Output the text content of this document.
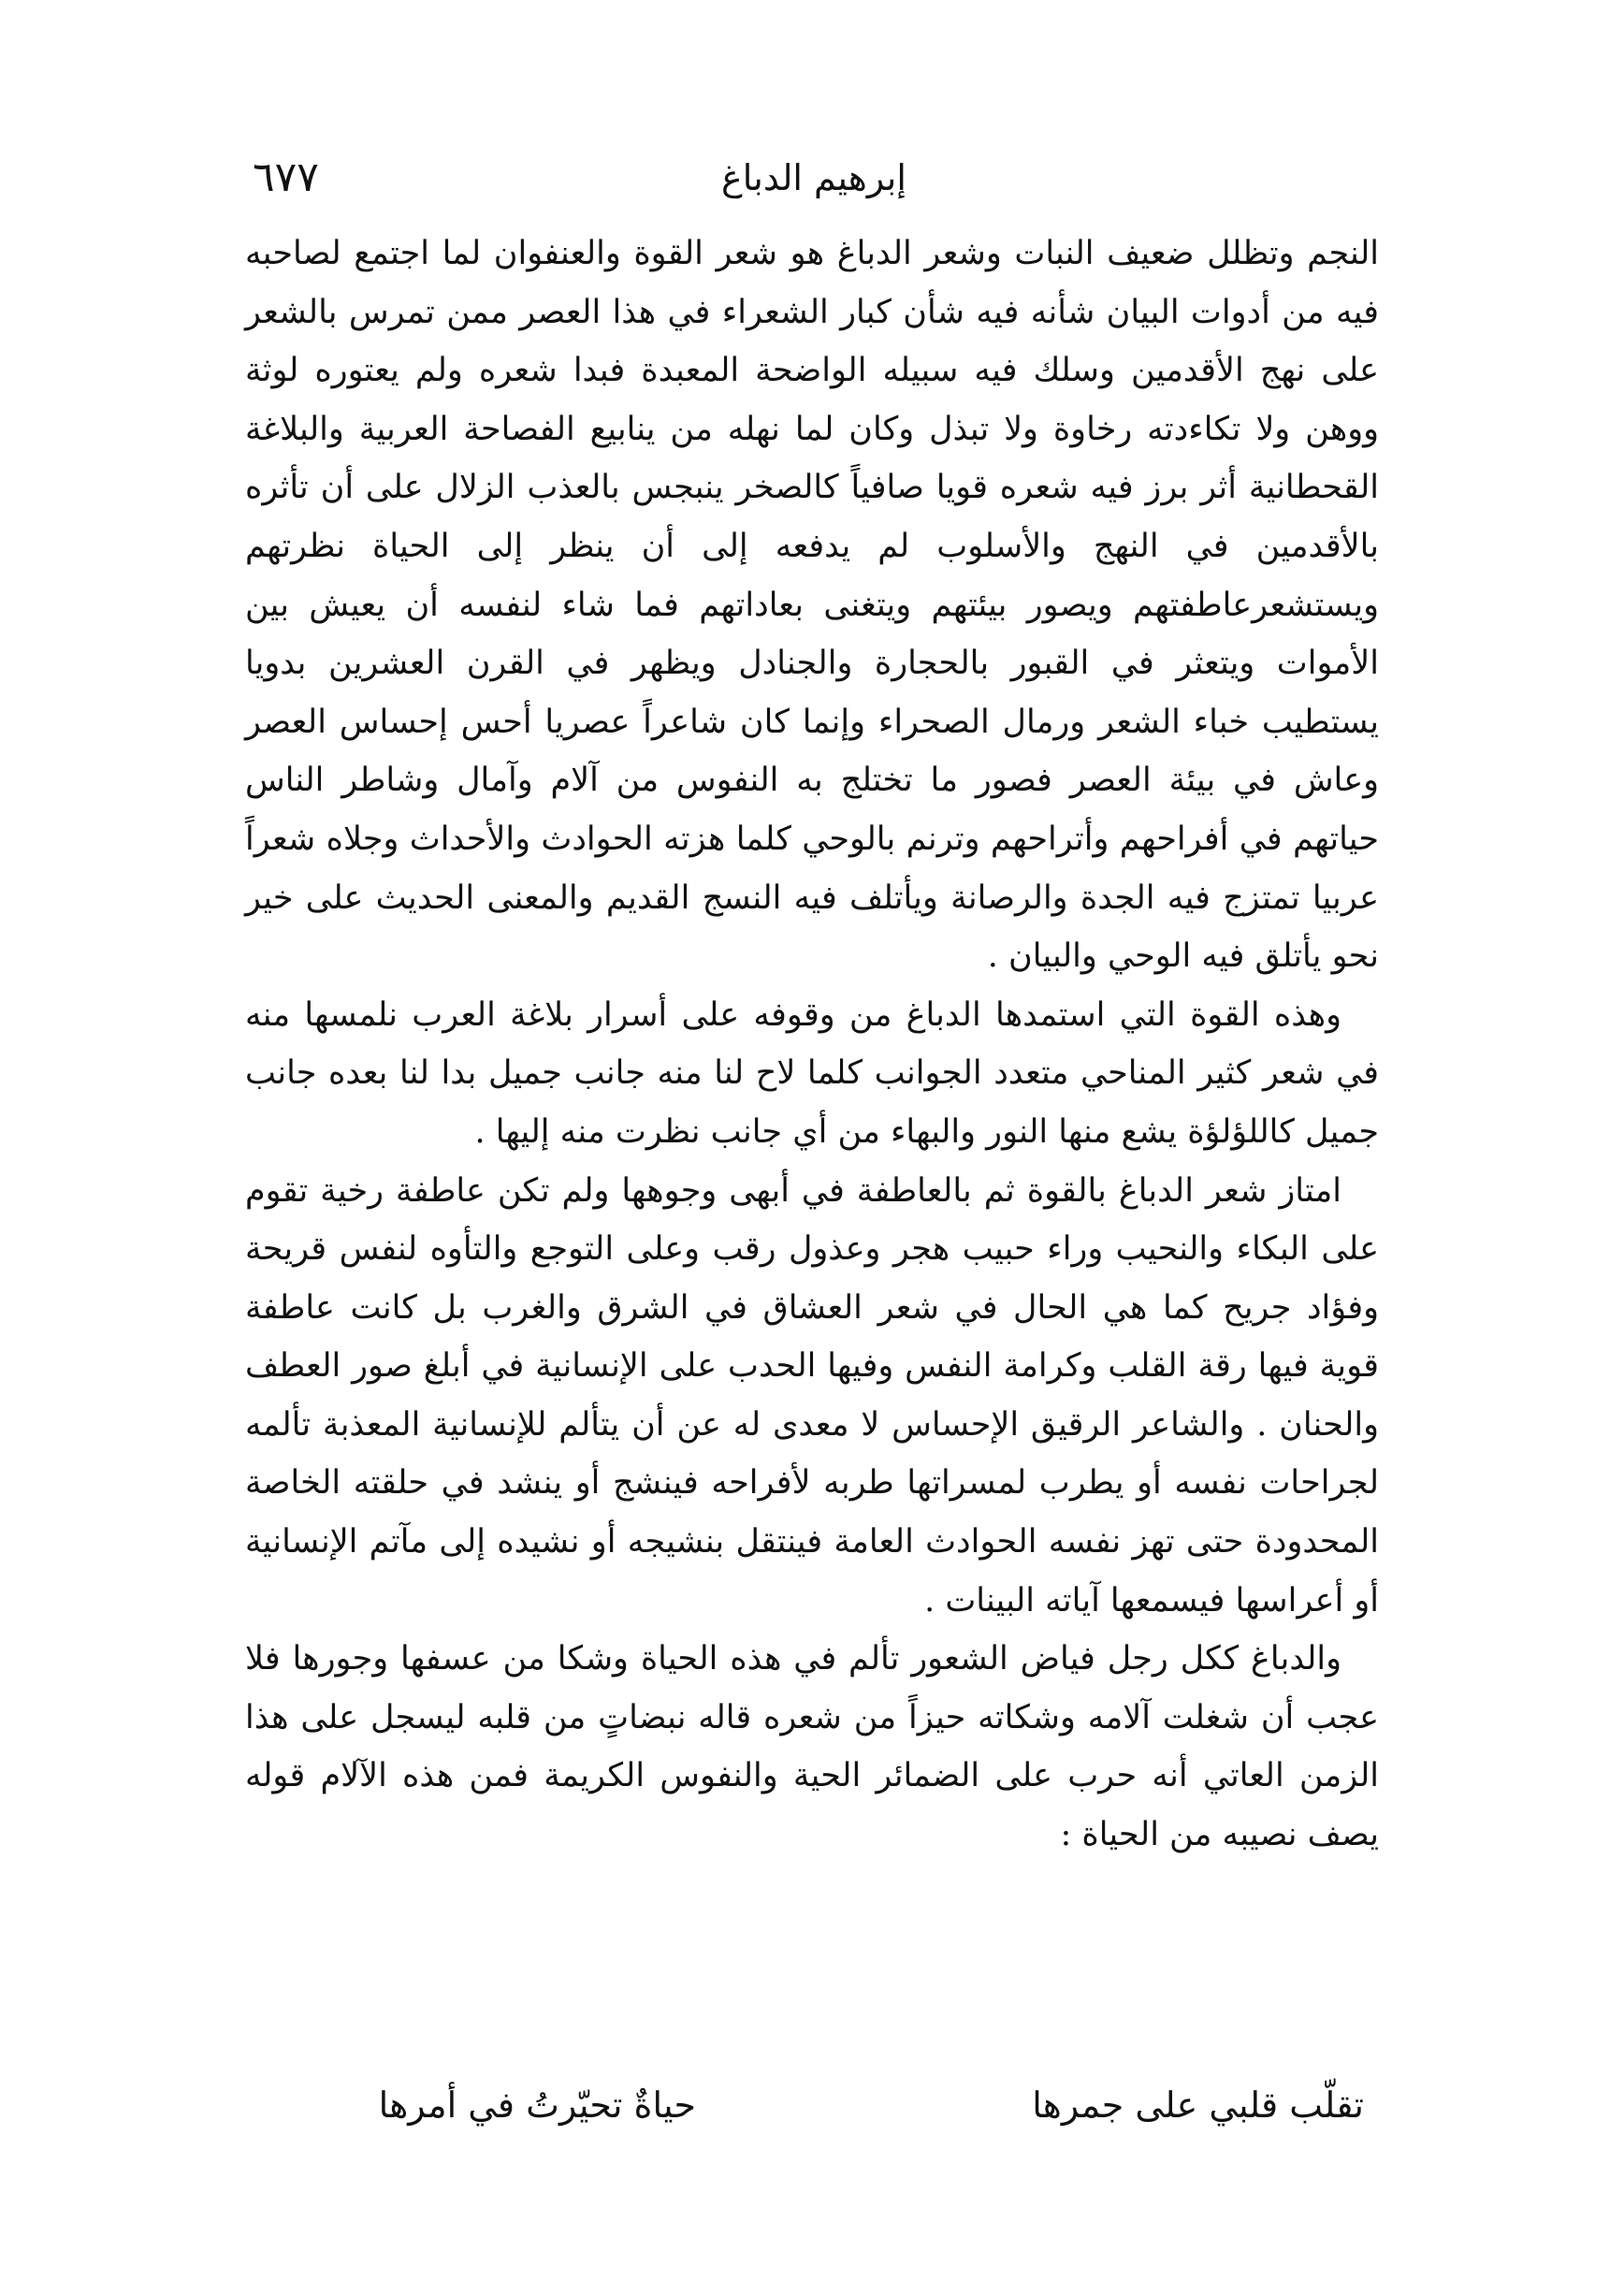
٦٧٧	إبرهيم الدباغ

النجم وتظلل ضعيف النبات وشعر الدباغ هو شعر القوة والعنفوان لما اجتمع لصاحبه فيه من أدوات البيان شأنه فيه شأن كبار الشعراء في هذا العصر ممن تمرس بالشعر على نهج الأقدمين وسلك فيه سبيله الواضحة المعبدة فبدا شعره ولم يعتوره لوثة ووهن ولا تكاءدته رخاوة ولا تبذل وكان لما نهله من ينابيع الفصاحة العربية والبلاغة القحطانية أثر برز فيه شعره قويا صافياً كالصخر ينبجس بالعذب الزلال على أن تأثره بالأقدمين في النهج والأسلوب لم يدفعه إلى أن ينظر إلى الحياة نظرتهم ويستشعرعاطفتهم ويصور بيئتهم ويتغنى بعاداتهم فما شاء لنفسه أن يعيش بين الأموات ويتعثر في القبور بالحجارة والجنادل ويظهر في القرن العشرين بدويا يستطيب خباء الشعر ورمال الصحراء وإنما كان شاعراً عصريا أحس إحساس العصر وعاش في بيئة العصر فصور ما تختلج به النفوس من آلام وآمال وشاطر الناس حياتهم في أفراحهم وأتراحهم وترنم بالوحي كلما هزته الحوادث والأحداث وجلاه شعراً عربيا تمتزج فيه الجدة والرصانة ويأتلف فيه النسج القديم والمعنى الحديث على خير نحو يأتلق فيه الوحي والبيان .

وهذه القوة التي استمدها الدباغ من وقوفه على أسرار بلاغة العرب نلمسها منه في شعر كثير المناحي متعدد الجوانب كلما لاح لنا منه جانب جميل بدا لنا بعده جانب جميل كاللؤلؤة يشع منها النور والبهاء من أي جانب نظرت منه إليها .

امتاز شعر الدباغ بالقوة ثم بالعاطفة في أبهى وجوهها ولم تكن عاطفة رخية تقوم على البكاء والنحيب وراء حبيب هجر وعذول رقب وعلى التوجع والتأوه لنفس قريحة وفؤاد جريح كما هي الحال في شعر العشاق في الشرق والغرب بل كانت عاطفة قوية فيها رقة القلب وكرامة النفس وفيها الحدب على الإنسانية في أبلغ صور العطف والحنان . والشاعر الرقيق الإحساس لا معدى له عن أن يتألم للإنسانية المعذبة تألمه لجراحات نفسه أو يطرب لمسراتها طربه لأفراحه فينشج أو ينشد في حلقته الخاصة المحدودة حتى تهز نفسه الحوادث العامة فينتقل بنشيجه أو نشيده إلى مآتم الإنسانية أو أعراسها فيسمعها آياته البينات .

والدباغ ككل رجل فياض الشعور تألم في هذه الحياة وشكا من عسفها وجورها فلا عجب أن شغلت آلامه وشكاته حيزاً من شعره قاله نبضاتٍ من قلبه ليسجل على هذا الزمن العاتي أنه حرب على الضمائر الحية والنفوس الكريمة فمن هذه الآلام قوله يصف نصيبه من الحياة :

تقلّب قلبي على جمرها
حياةٌ تحيّرتُ في أمرها
